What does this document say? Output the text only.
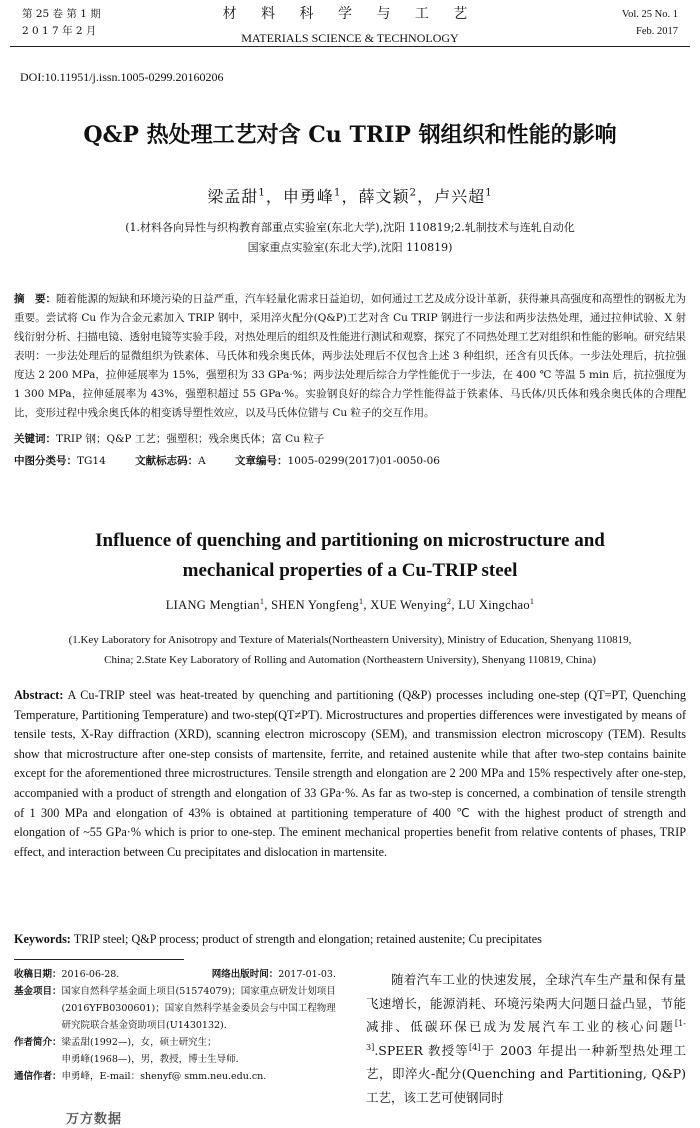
第 25 卷 第 1 期
2 0 1 7 年 2 月
材 料 科 学 与 工 艺
MATERIALS SCIENCE & TECHNOLOGY
Vol. 25 No. 1
Feb. 2017
DOI:10.11951/j.issn.1005-0299.20160206
Q&P 热处理工艺对含 Cu TRIP 钢组织和性能的影响
梁孟甜$^1$，申勇峰$^1$，薛文颖$^2$，卢兴超$^1$
(1.材料各向异性与织构教育部重点实验室(东北大学),沈阳 110819;2.轧制技术与连轧自动化
国家重点实验室(东北大学),沈阳 110819)
摘　要：随着能源的短缺和环境污染的日益严重，汽车轻量化需求日益迫切，如何通过工艺及成分设计革新，获得兼具高强度和高塑性的钢板尤为重要。尝试将 Cu 作为合金元素加入 TRIP 钢中，采用淬火配分(Q&P)工艺对含 Cu TRIP 钢进行一步法和两步法热处理，通过拉伸试验、X 射线衍射分析、扫描电镜、透射电镜等实验手段，对热处理后的组织及性能进行测试和观察，探究了不同热处理工艺对组织和性能的影响。研究结果表明：一步法处理后的显微组织为铁素体、马氏体和残余奥氏体，两步法处理后不仅包含上述 3 种组织，还含有贝氏体。一步法处理后，抗拉强度达 2 200 MPa，拉伸延展率为 15%，强塑积为 33 GPa·%；两步法处理后综合力学性能优于一步法，在 400 ℃ 等温 5 min 后，抗拉强度为 1 300 MPa，拉伸延展率为 43%，强塑积超过 55 GPa·%。实验钢良好的综合力学性能得益于铁素体、马氏体/贝氏体和残余奥氏体的合理配比，变形过程中残余奥氏体的相变诱导塑性效应，以及马氏体位错与 Cu 粒子的交互作用。
关键词：TRIP 钢；Q&P 工艺；强塑积；残余奥氏体；富 Cu 粒子
中图分类号：TG14	文献标志码：A	文章编号：1005-0299(2017)01-0050-06
Influence of quenching and partitioning on microstructure and mechanical properties of a Cu-TRIP steel
LIANG Mengtian$^1$, SHEN Yongfeng$^1$, XUE Wenying$^2$, LU Xingchao$^1$
(1.Key Laboratory for Anisotropy and Texture of Materials(Northeastern University), Ministry of Education, Shenyang 110819,
China; 2.State Key Laboratory of Rolling and Automation (Northeastern University), Shenyang 110819, China)
Abstract: A Cu-TRIP steel was heat-treated by quenching and partitioning (Q&P) processes including one-step (QT=PT, Quenching Temperature, Partitioning Temperature) and two-step(QT≠PT). Microstructures and properties differences were investigated by means of tensile tests, X-Ray diffraction (XRD), scanning electron microscopy (SEM), and transmission electron microscopy (TEM). Results show that microstructure after one-step consists of martensite, ferrite, and retained austenite while that after two-step contains bainite except for the aforementioned three microstructures. Tensile strength and elongation are 2 200 MPa and 15% respectively after one-step, accompanied with a product of strength and elongation of 33 GPa·%. As far as two-step is concerned, a combination of tensile strength of 1 300 MPa and elongation of 43% is obtained at partitioning temperature of 400 ℃ with the highest product of strength and elongation of ~55 GPa·% which is prior to one-step. The eminent mechanical properties benefit from relative contents of phases, TRIP effect, and interaction between Cu precipitates and dislocation in martensite.
Keywords: TRIP steel; Q&P process; product of strength and elongation; retained austenite; Cu precipitates
收稿日期：2016-06-28.	网络出版时间：2017-01-03.
基金项目： 国家自然科学基金面上项目(51574079)；国家重点研发计划项目(2016YFB0300601)；国家自然科学基金委员会与中国工程物理研究院联合基金资助项目(U1430132).
作者简介： 梁孟甜(1992—)，女，硕士研究生；
申勇峰(1968—)，男，教授，博士生导师.
通信作者： 申勇峰，E-mail：shenyf@ smm.neu.edu.cn.
随着汽车工业的快速发展，全球汽车生产量和保有量飞速增长，能源消耗、环境污染两大问题日益凸显，节能减排、低碳环保已成为发展汽车工业的核心问题[1-3].SPEER 教授等[4]于 2003 年提出一种新型热处理工艺，即淬火-配分(Quenching and Partitioning, Q&P)工艺，该工艺可使钢同时
万方数据
